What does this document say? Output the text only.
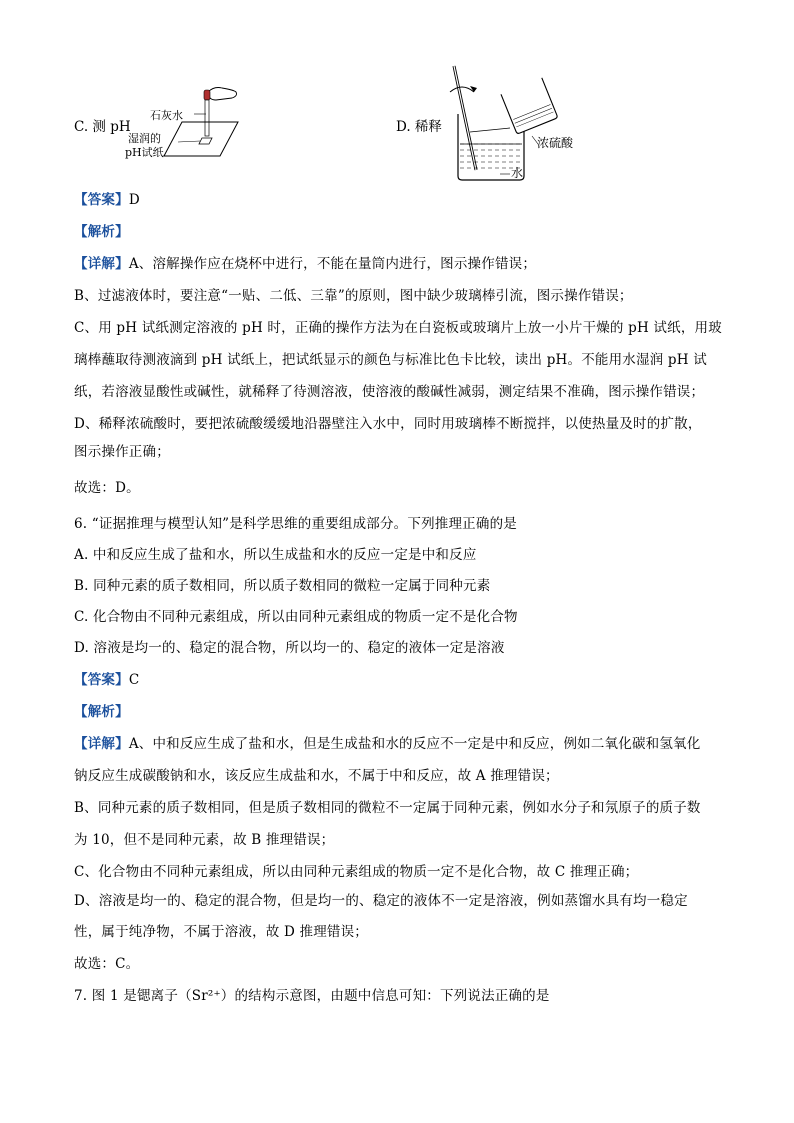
C. 测 pH
石灰水
湿润的
pH试纸
D. 稀释
浓硫酸
水
【答案】D
【解析】
【详解】A、溶解操作应在烧杯中进行，不能在量筒内进行，图示操作错误；
B、过滤液体时，要注意“一贴、二低、三靠”的原则，图中缺少玻璃棒引流，图示操作错误；
C、用 pH 试纸测定溶液的 pH 时，正确的操作方法为在白瓷板或玻璃片上放一小片干燥的 pH 试纸，用玻
璃棒蘸取待测液滴到 pH 试纸上，把试纸显示的颜色与标准比色卡比较，读出 pH。不能用水湿润 pH 试
纸，若溶液显酸性或碱性，就稀释了待测溶液，使溶液的酸碱性减弱，测定结果不准确，图示操作错误；
D、稀释浓硫酸时，要把浓硫酸缓缓地沿器壁注入水中，同时用玻璃棒不断搅拌，以使热量及时的扩散，
图示操作正确；
故选：D。
6. “证据推理与模型认知”是科学思维的重要组成部分。下列推理正确的是
A. 中和反应生成了盐和水，所以生成盐和水的反应一定是中和反应
B. 同种元素的质子数相同，所以质子数相同的微粒一定属于同种元素
C. 化合物由不同种元素组成，所以由同种元素组成的物质一定不是化合物
D. 溶液是均一的、稳定的混合物，所以均一的、稳定的液体一定是溶液
【答案】C
【解析】
【详解】A、中和反应生成了盐和水，但是生成盐和水的反应不一定是中和反应，例如二氧化碳和氢氧化
钠反应生成碳酸钠和水，该反应生成盐和水，不属于中和反应，故 A 推理错误；
B、同种元素的质子数相同，但是质子数相同的微粒不一定属于同种元素，例如水分子和氖原子的质子数
为 10，但不是同种元素，故 B 推理错误；
C、化合物由不同种元素组成，所以由同种元素组成的物质一定不是化合物，故 C 推理正确；
D、溶液是均一的、稳定的混合物，但是均一的、稳定的液体不一定是溶液，例如蒸馏水具有均一稳定
性，属于纯净物，不属于溶液，故 D 推理错误；
故选：C。
7. 图 1 是锶离子（Sr²⁺）的结构示意图，由题中信息可知：下列说法正确的是
